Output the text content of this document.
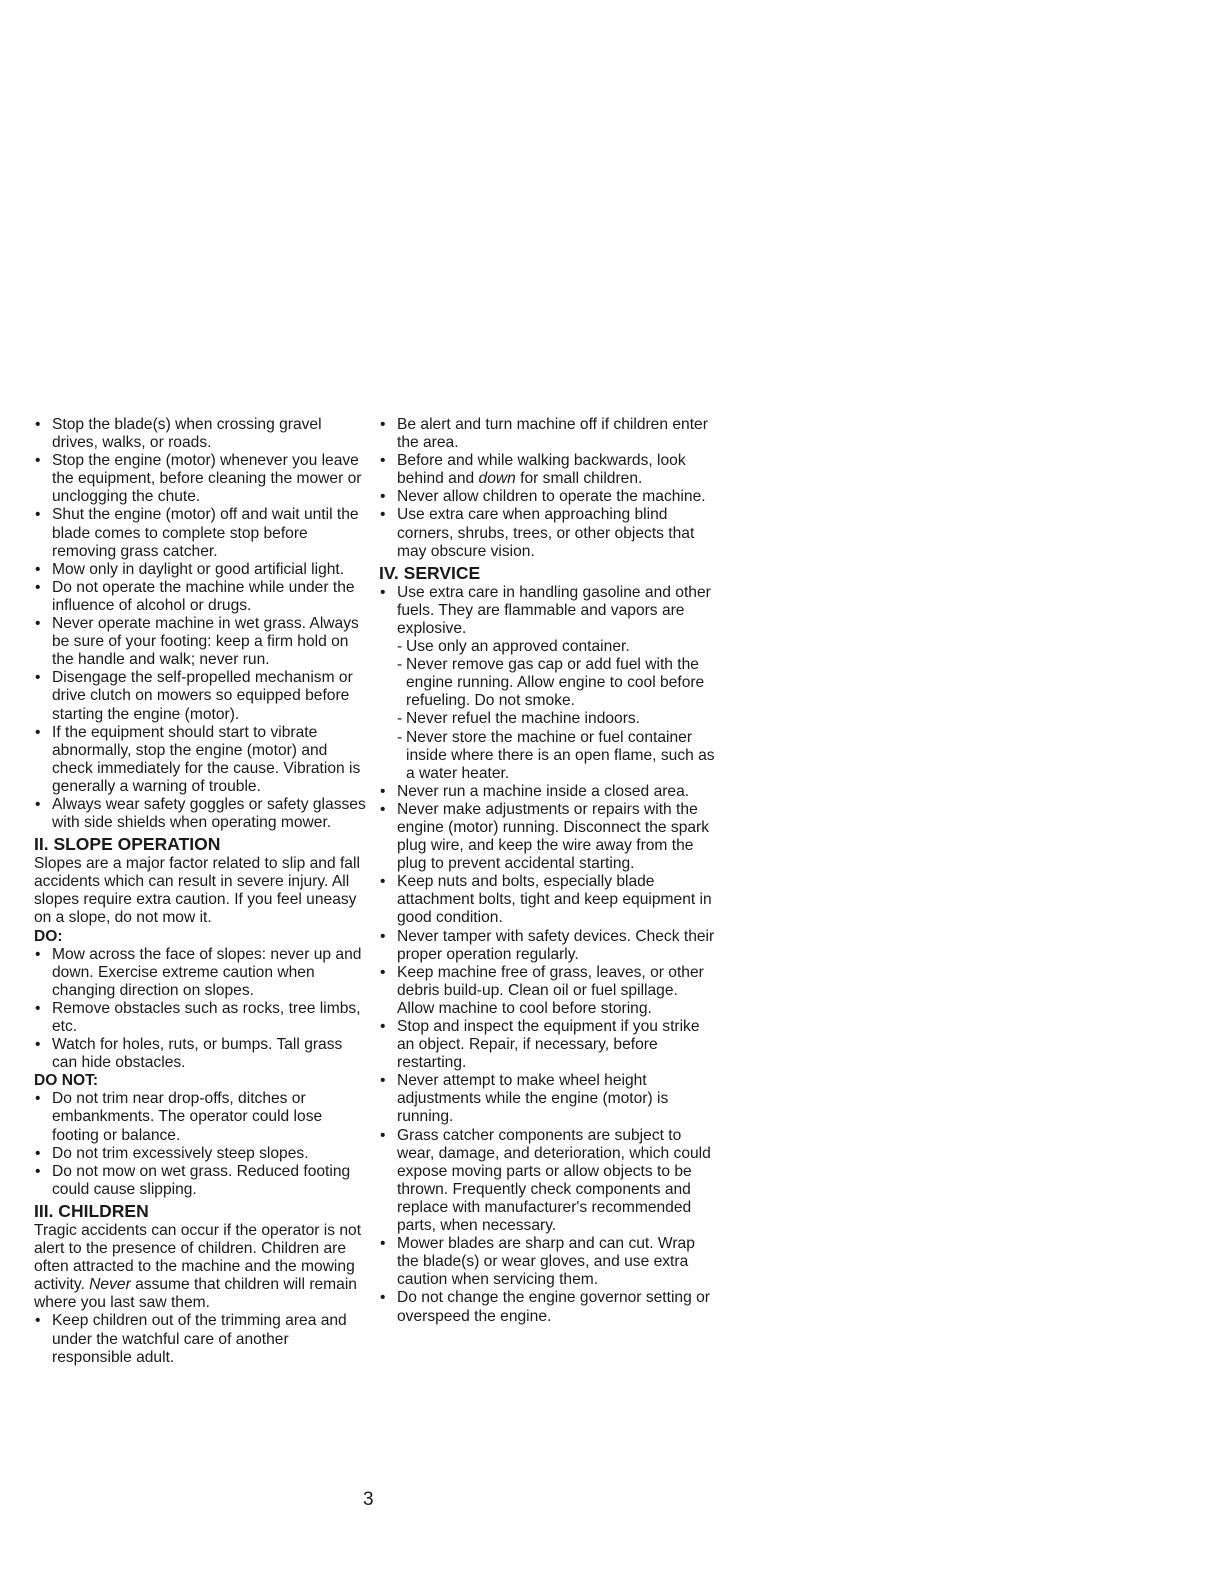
• Stop the blade(s) when crossing gravel drives, walks, or roads.
• Stop the engine (motor) whenever you leave the equipment, before cleaning the mower or unclogging the chute.
• Shut the engine (motor) off and wait until the blade comes to complete stop before removing grass catcher.
• Mow only in daylight or good artificial light.
• Do not operate the machine while under the influence of alcohol or drugs.
• Never operate machine in wet grass. Always be sure of your footing: keep a firm hold on the handle and walk; never run.
• Disengage the self-propelled mechanism or drive clutch on mowers so equipped before starting the engine (motor).
• If the equipment should start to vibrate abnormally, stop the engine (motor) and check immediately for the cause. Vibration is generally a warning of trouble.
• Always wear safety goggles or safety glasses with side shields when operating mower.
II. SLOPE OPERATION

Slopes are a major factor related to slip and fall accidents which can result in severe injury. All slopes require extra caution. If you feel uneasy on a slope, do not mow it.

DO:
• Mow across the face of slopes: never up and down. Exercise extreme caution when changing direction on slopes.
• Remove obstacles such as rocks, tree limbs, etc.
• Watch for holes, ruts, or bumps. Tall grass can hide obstacles.
DO NOT:
• Do not trim near drop-offs, ditches or embankments. The operator could lose footing or balance.
• Do not trim excessively steep slopes.
• Do not mow on wet grass. Reduced footing could cause slipping.
III. CHILDREN

Tragic accidents can occur if the operator is not alert to the presence of children. Children are often attracted to the machine and the mowing activity. Never assume that children will remain where you last saw them.

• Keep children out of the trimming area and under the watchful care of another responsible adult.
• Be alert and turn machine off if children enter the area.
• Before and while walking backwards, look behind and down for small children.
• Never allow children to operate the machine.
• Use extra care when approaching blind corners, shrubs, trees, or other objects that may obscure vision.
IV. SERVICE
• Use extra care in handling gasoline and other fuels. They are flammable and vapors are explosive.
- Use only an approved container.
- Never remove gas cap or add fuel with the engine running. Allow engine to cool before refueling. Do not smoke.
- Never refuel the machine indoors.
- Never store the machine or fuel container inside where there is an open flame, such as a water heater.
• Never run a machine inside a closed area.
• Never make adjustments or repairs with the engine (motor) running. Disconnect the spark plug wire, and keep the wire away from the plug to prevent accidental starting.
• Keep nuts and bolts, especially blade attachment bolts, tight and keep equipment in good condition.
• Never tamper with safety devices. Check their proper operation regularly.
• Keep machine free of grass, leaves, or other debris build-up. Clean oil or fuel spillage. Allow machine to cool before storing.
• Stop and inspect the equipment if you strike an object. Repair, if necessary, before restarting.
• Never attempt to make wheel height adjustments while the engine (motor) is running.
• Grass catcher components are subject to wear, damage, and deterioration, which could expose moving parts or allow objects to be thrown. Frequently check components and replace with manufacturer's recommended parts, when necessary.
• Mower blades are sharp and can cut. Wrap the blade(s) or wear gloves, and use extra caution when servicing them.
• Do not change the engine governor setting or overspeed the engine.
3
